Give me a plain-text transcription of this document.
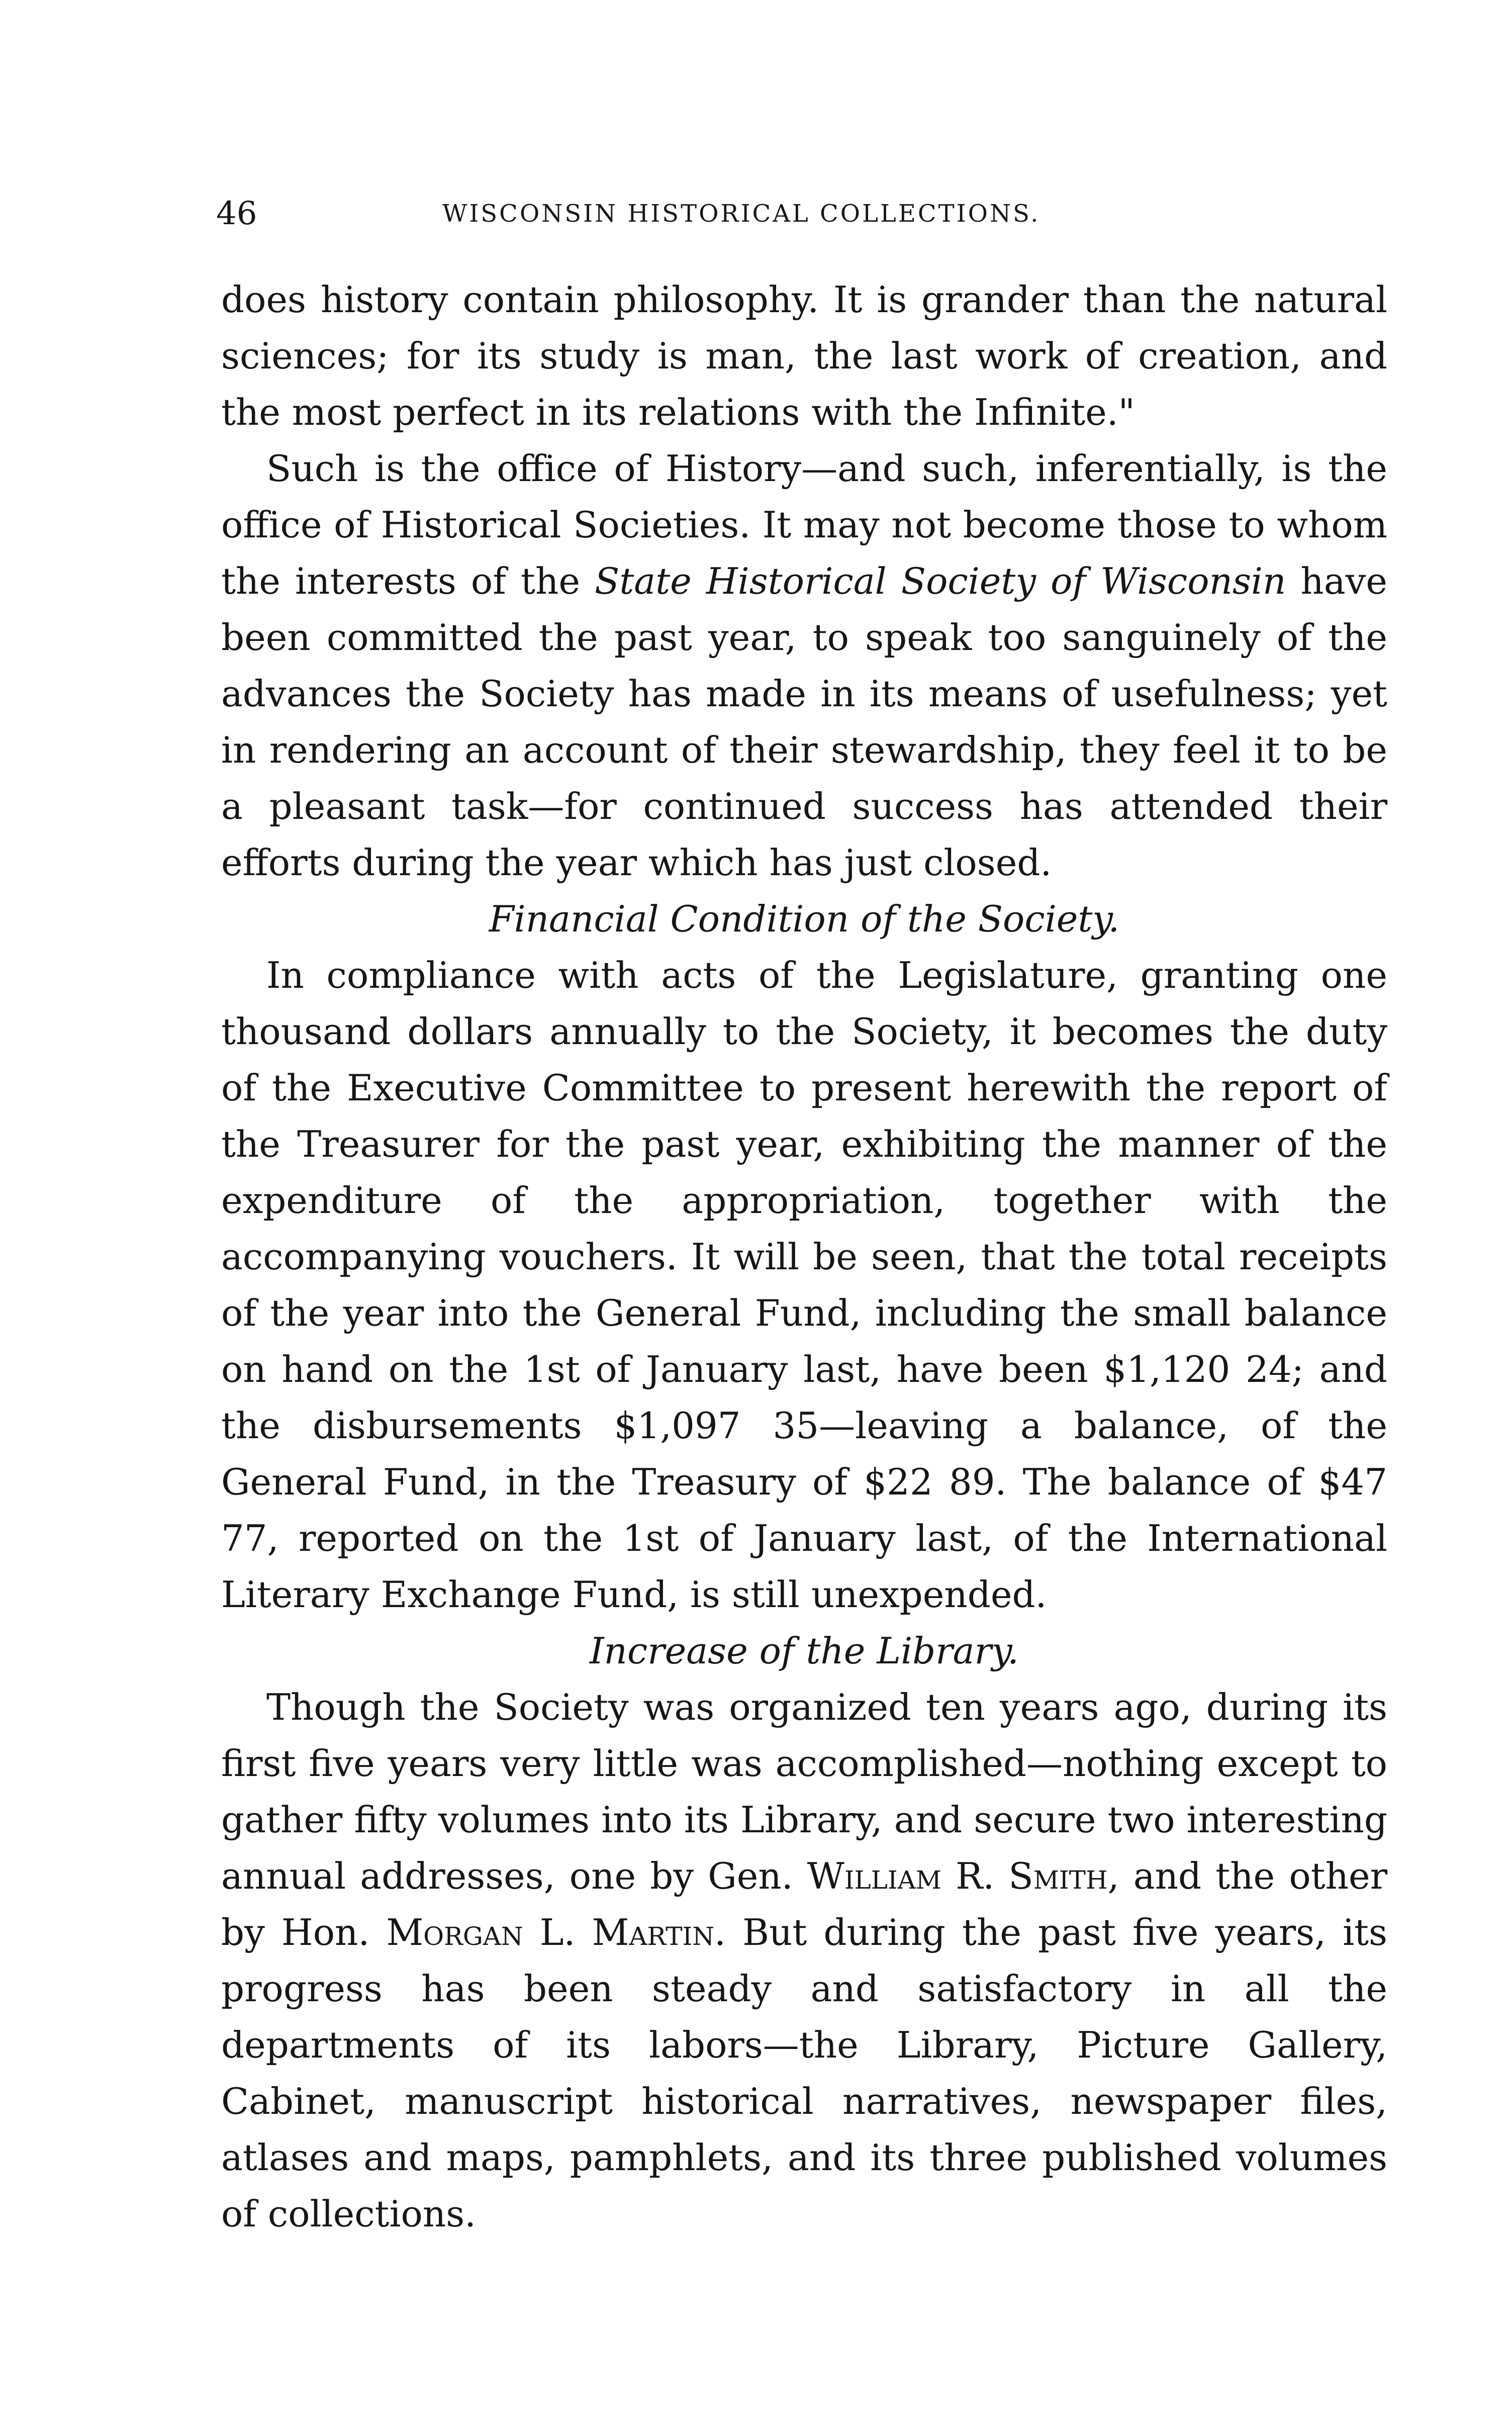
46	WISCONSIN HISTORICAL COLLECTIONS.

does history contain philosophy. It is grander than the natural sciences; for its study is man, the last work of creation, and the most perfect in its relations with the Infinite."

Such is the office of History—and such, inferentially, is the office of Historical Societies. It may not become those to whom the interests of the State Historical Society of Wisconsin have been committed the past year, to speak too sanguinely of the advances the Society has made in its means of usefulness; yet in rendering an account of their stewardship, they feel it to be a pleasant task—for continued success has attended their efforts during the year which has just closed.

Financial Condition of the Society.

In compliance with acts of the Legislature, granting one thousand dollars annually to the Society, it becomes the duty of the Executive Committee to present herewith the report of the Treasurer for the past year, exhibiting the manner of the expenditure of the appropriation, together with the accompanying vouchers. It will be seen, that the total receipts of the year into the General Fund, including the small balance on hand on the 1st of January last, have been $1,120 24; and the disbursements $1,097 35—leaving a balance, of the General Fund, in the Treasury of $22 89. The balance of $47 77, reported on the 1st of January last, of the International Literary Exchange Fund, is still unexpended.

Increase of the Library.

Though the Society was organized ten years ago, during its first five years very little was accomplished—nothing except to gather fifty volumes into its Library, and secure two interesting annual addresses, one by Gen. William R. Smith, and the other by Hon. Morgan L. Martin. But during the past five years, its progress has been steady and satisfactory in all the departments of its labors—the Library, Picture Gallery, Cabinet, manuscript historical narratives, newspaper files, atlases and maps, pamphlets, and its three published volumes of collections.
